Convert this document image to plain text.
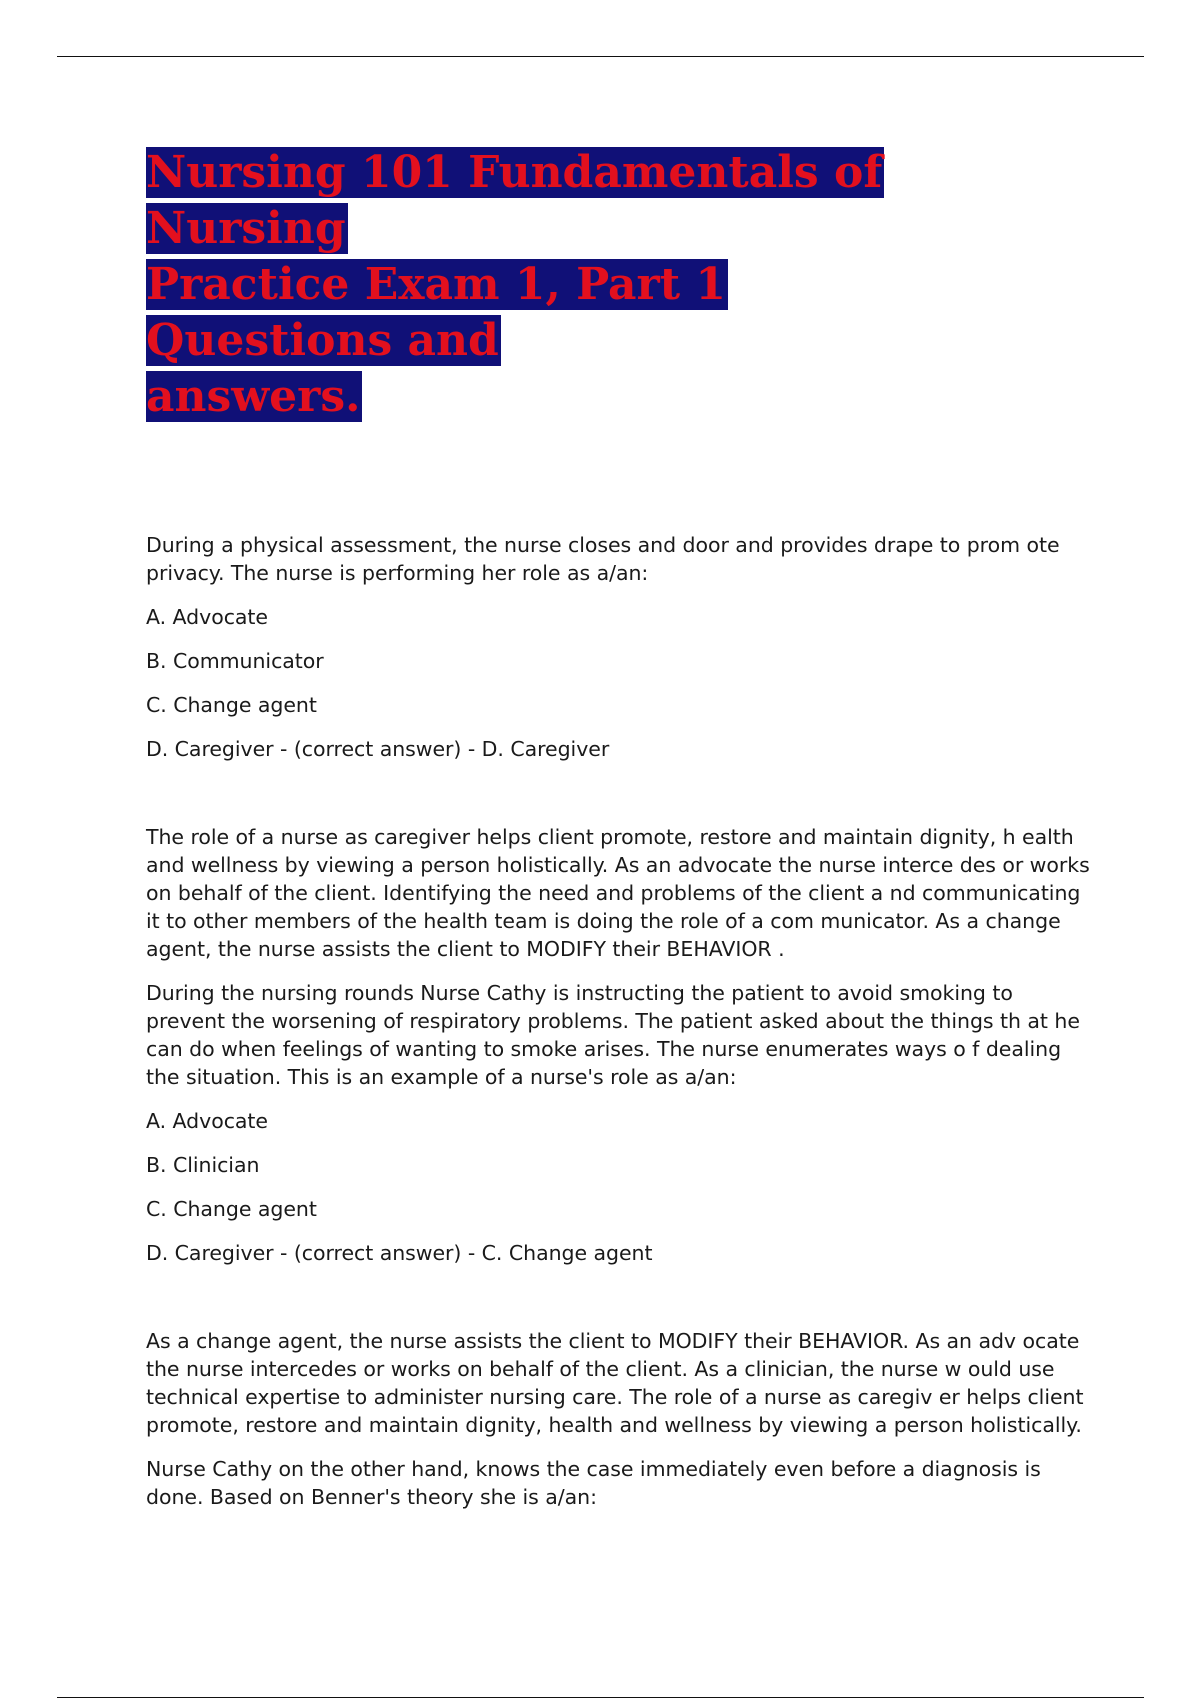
Nursing 101 Fundamentals of Nursing
Practice Exam 1, Part 1 Questions and
answers.

During a physical assessment, the nurse closes and door and provides drape to prom ote privacy. The nurse is performing her role as a/an:

A. Advocate

B. Communicator

C. Change agent

D. Caregiver - (correct answer) - D. Caregiver

The role of a nurse as caregiver helps client promote, restore and maintain dignity, h ealth and wellness by viewing a person holistically. As an advocate the nurse interce des or works on behalf of the client. Identifying the need and problems of the client a nd communicating it to other members of the health team is doing the role of a com municator. As a change agent, the nurse assists the client to MODIFY their BEHAVIOR .

During the nursing rounds Nurse Cathy is instructing the patient to avoid smoking to prevent the worsening of respiratory problems. The patient asked about the things th at he can do when feelings of wanting to smoke arises. The nurse enumerates ways o f dealing the situation. This is an example of a nurse's role as a/an:

A. Advocate

B. Clinician

C. Change agent

D. Caregiver - (correct answer) - C. Change agent

As a change agent, the nurse assists the client to MODIFY their BEHAVIOR. As an adv ocate the nurse intercedes or works on behalf of the client. As a clinician, the nurse w ould use technical expertise to administer nursing care. The role of a nurse as caregiv er helps client promote, restore and maintain dignity, health and wellness by viewing a person holistically.

Nurse Cathy on the other hand, knows the case immediately even before a diagnosis is done. Based on Benner's theory she is a/an:
